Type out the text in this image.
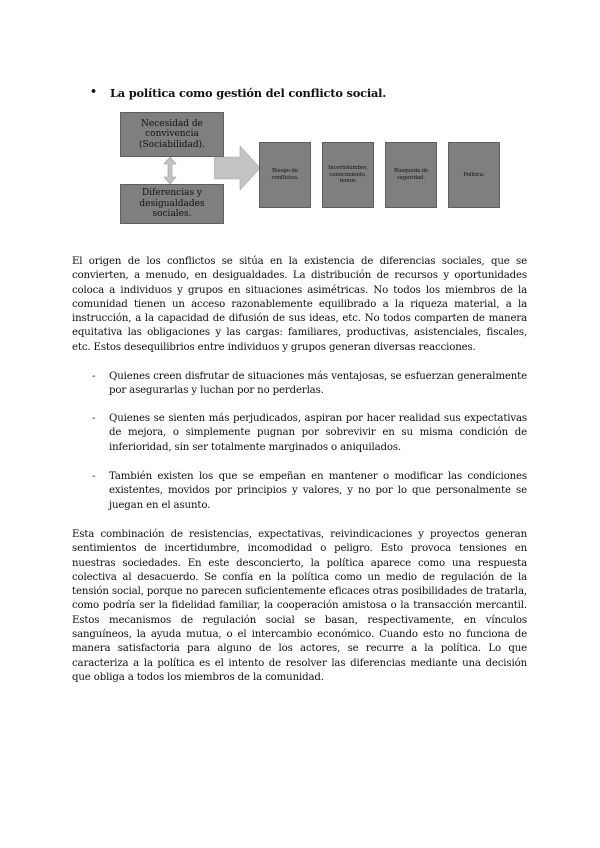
• La política como gestión del conflicto social.
Necesidad de convivencia (Sociabilidad).
Diferencias y desigualdades sociales.
Riesgo de conflictos.
Incertidumbre, conocimiento, temor.
Búsqueda de seguridad.
Política.

El origen de los conflictos se sitúa en la existencia de diferencias sociales, que se convierten, a menudo, en desigualdades. La distribución de recursos y oportunidades coloca a individuos y grupos en situaciones asimétricas. No todos los miembros de la comunidad tienen un acceso razonablemente equilibrado a la riqueza material, a la instrucción, a la capacidad de difusión de sus ideas, etc. No todos comparten de manera equitativa las obligaciones y las cargas: familiares, productivas, asistenciales, fiscales, etc. Estos desequilibrios entre individuos y grupos generan diversas reacciones.

- Quienes creen disfrutar de situaciones más ventajosas, se esfuerzan generalmente por asegurarlas y luchan por no perderlas.

- Quienes se sienten más perjudicados, aspiran por hacer realidad sus expectativas de mejora, o simplemente pugnan por sobrevivir en su misma condición de inferioridad, sin ser totalmente marginados o aniquilados.

- También existen los que se empeñan en mantener o modificar las condiciones existentes, movidos por principios y valores, y no por lo que personalmente se juegan en el asunto.

Esta combinación de resistencias, expectativas, reivindicaciones y proyectos generan sentimientos de incertidumbre, incomodidad o peligro. Esto provoca tensiones en nuestras sociedades. En este desconcierto, la política aparece como una respuesta colectiva al desacuerdo. Se confía en la política como un medio de regulación de la tensión social, porque no parecen suficientemente eficaces otras posibilidades de tratarla, como podría ser la fidelidad familiar, la cooperación amistosa o la transacción mercantil. Estos mecanismos de regulación social se basan, respectivamente, en vínculos sanguíneos, la ayuda mutua, o el intercambio económico. Cuando esto no funciona de manera satisfactoria para alguno de los actores, se recurre a la política. Lo que caracteriza a la política es el intento de resolver las diferencias mediante una decisión que obliga a todos los miembros de la comunidad.
